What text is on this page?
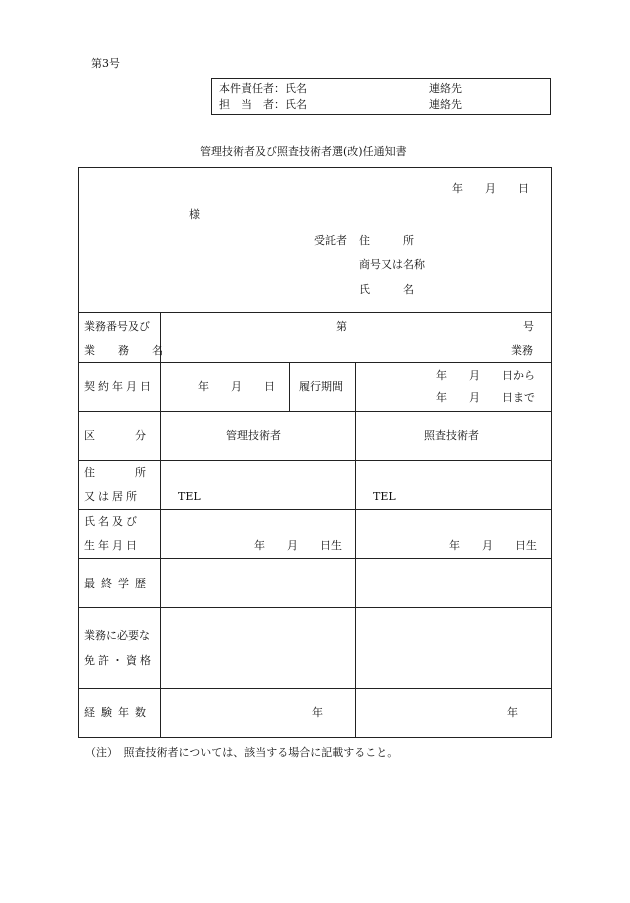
第3号
本件責任者：氏名	連絡先
担　当　者：氏名	連絡先
管理技術者及び照査技術者選(改)任通知書
年　　月　　日
様
受託者 住　　　所
商号又は名称
氏　　　名
業務番号及び
業　務　名
第	号
業務
契約年月日	年　　月　　日 履行期間
年　　月　　日から
年　　月　　日まで
区　　分	管理技術者	照査技術者
住　　所
又は居所	TEL	TEL
氏名及び
生年月日	年　　月　　日生	年　　月　　日生
最終学歴
業務に必要な
免許・資格
経験年数	年	年
（注）　照査技術者については、該当する場合に記載すること。
